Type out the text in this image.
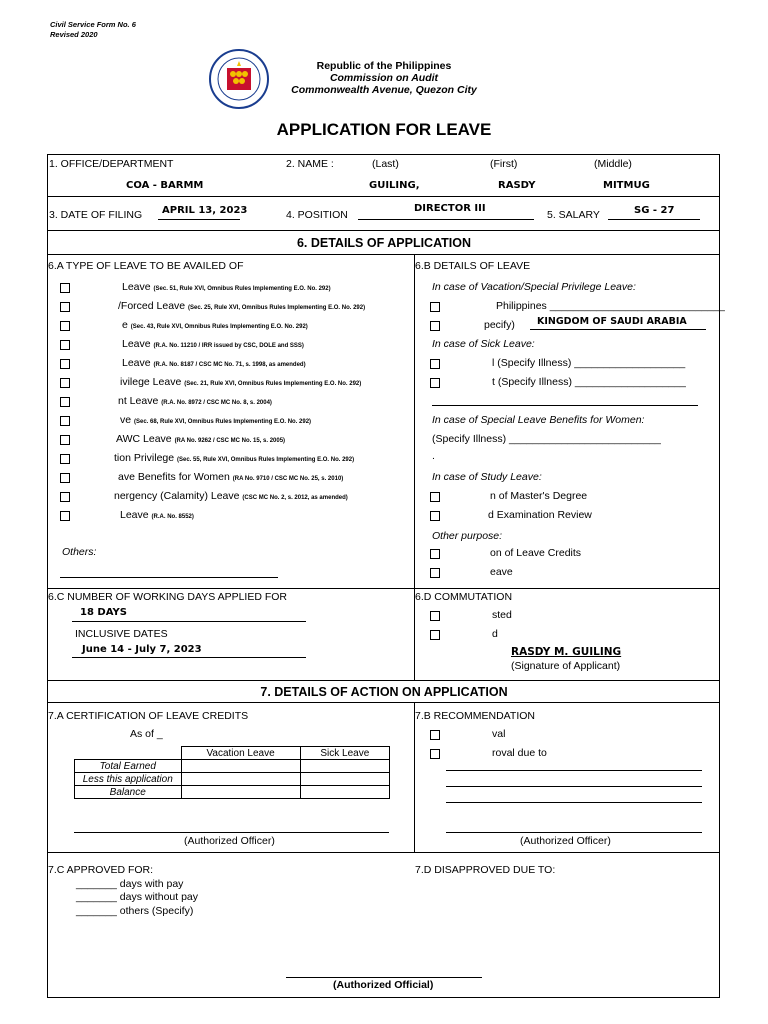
Civil Service Form No. 6
Revised 2020
Republic of the Philippines
Commission on Audit
Commonwealth Avenue, Quezon City
APPLICATION FOR LEAVE
1. OFFICE/DEPARTMENT
COA - BARMM
2. NAME :	(Last)	(First)	(Middle)
GUILING,	RASDY	MITMUG
3. DATE OF FILING APRIL 13, 2023	4. POSITION
DIRECTOR III
5. SALARY	SG - 27
6. DETAILS OF APPLICATION
6.A TYPE OF LEAVE TO BE AVAILED OF	6.B DETAILS OF LEAVE
Leave (Sec. 51, Rule XVI, Omnibus Rules Implementing E.O. No. 292)
/Forced Leave (Sec. 25, Rule XVI, Omnibus Rules Implementing E.O. No. 292)
e (Sec. 43, Rule XVI, Omnibus Rules Implementing E.O. No. 292)
Leave (R.A. No. 11210 / IRR issued by CSC, DOLE and SSS)
Leave (R.A. No. 8187 / CSC MC No. 71, s. 1998, as amended)
ivilege Leave (Sec. 21, Rule XVI, Omnibus Rules Implementing E.O. No. 292)
nt Leave (R.A. No. 8972 / CSC MC No. 8, s. 2004)
ve (Sec. 68, Rule XVI, Omnibus Rules Implementing E.O. No. 292)
AWC Leave (RA No. 9262 / CSC MC No. 15, s. 2005)
tion Privilege (Sec. 55, Rule XVI, Omnibus Rules Implementing E.O. No. 292)
ave Benefits for Women (RA No. 9710 / CSC MC No. 25, s. 2010)
nergency (Calamity) Leave (CSC MC No. 2, s. 2012, as amended)
Leave (R.A. No. 8552)
Others:
In case of Vacation/Special Privilege Leave:
Philippines ______________________________
pecify) KINGDOM OF SAUDI ARABIA
In case of Sick Leave:
l (Specify Illness) ___________________
t (Specify Illness) ___________________
In case of Special Leave Benefits for Women:
(Specify Illness) __________________________
.
In case of Study Leave:
n of Master's Degree
d Examination Review
Other purpose:
on of Leave Credits
eave
6.C NUMBER OF WORKING DAYS APPLIED FOR
18 DAYS
INCLUSIVE DATES
June 14 - July 7, 2023
6.D COMMUTATION
sted
d
RASDY M. GUILING
(Signature of Applicant)
7. DETAILS OF ACTION ON APPLICATION
7.A CERTIFICATION OF LEAVE CREDITS
As of _
	Vacation Leave	Sick Leave
Total Earned		
Less this application		
Balance		
(Authorized Officer)
7.B RECOMMENDATION
val
roval due to
(Authorized Officer)
7.C APPROVED FOR:
_______ days with pay
_______ days without pay
_______ others (Specify)
7.D DISAPPROVED DUE TO:
(Authorized Official)
